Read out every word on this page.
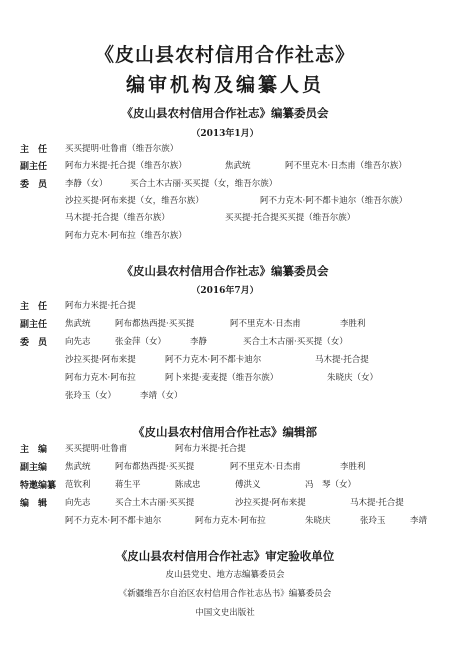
《皮山县农村信用合作社志》
编审机构及编纂人员
《皮山县农村信用合作社志》编纂委员会
（2013年1月）
主　任	买买提明·吐鲁甫（维吾尔族）
副主任	阿布力米提·托合提（维吾尔族）	焦武统	阿不里克木·日杰甫（维吾尔族）
委　员	李静（女）	买合土木古丽·买买提（女，维吾尔族）
沙拉买提·阿布来提（女，维吾尔族）	阿不力克木·阿不都卡迪尔（维吾尔族）
马木提·托合提（维吾尔族）	买买提·托合提买买提（维吾尔族）
阿布力克木·阿布拉（维吾尔族）
《皮山县农村信用合作社志》编纂委员会
（2016年7月）
主　任	阿布力米提·托合提
副主任	焦武统	阿布都热西提·买买提	阿不里克木·日杰甫	李胜利
委　员	向先志	张金萍（女）	李静	买合土木古丽·买买提（女）
沙拉买提·阿布来提	阿不力克木·阿不都卡迪尔	马木提·托合提
阿布力克木·阿布拉	阿卜来提·麦麦提（维吾尔族）	朱晓庆（女）
张玲玉（女）	李靖（女）
《皮山县农村信用合作社志》编辑部
主　编	买买提明·吐鲁甫	阿布力米提·托合提
副主编	焦武统	阿布都热西提·买买提	阿不里克木·日杰甫	李胜利
特邀编纂	范钦利	蒋生平	陈成忠	傅洪义	冯　琴（女）
编　辑	向先志	买合土木古丽·买买提	沙拉买提·阿布来提	马木提·托合提
阿不力克木·阿不都卡迪尔	阿布力克木·阿布拉	朱晓庆	张玲玉	李靖
《皮山县农村信用合作社志》审定验收单位
皮山县党史、地方志编纂委员会
《新疆维吾尔自治区农村信用合作社志丛书》编纂委员会
中国文史出版社
